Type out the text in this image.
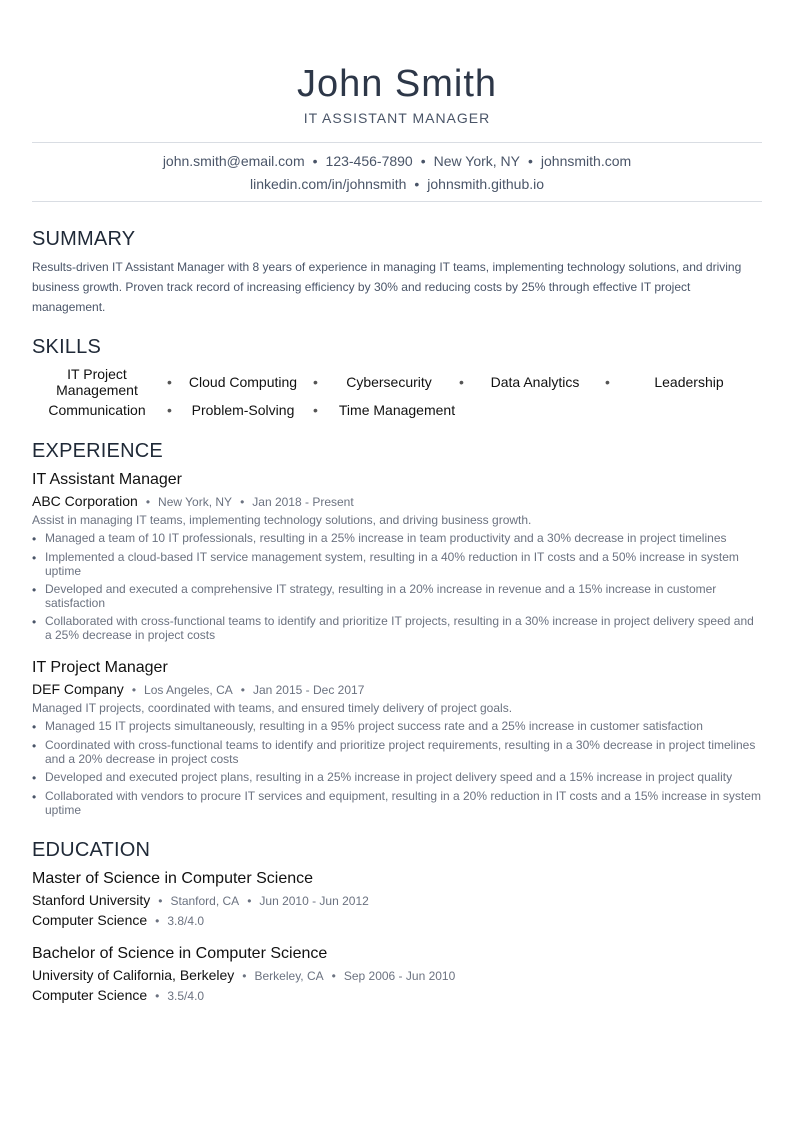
John Smith
IT ASSISTANT MANAGER
john.smith@email.com • 123-456-7890 • New York, NY • johnsmith.com
linkedin.com/in/johnsmith • johnsmith.github.io
SUMMARY
Results-driven IT Assistant Manager with 8 years of experience in managing IT teams, implementing technology solutions, and driving business growth. Proven track record of increasing efficiency by 30% and reducing costs by 25% through effective IT project management.
SKILLS
IT Project Management	•	Cloud Computing	•	Cybersecurity	•	Data Analytics	•	Leadership
Communication	•	Problem-Solving	•	Time Management
EXPERIENCE
IT Assistant Manager
ABC Corporation • New York, NY • Jan 2018 - Present
Assist in managing IT teams, implementing technology solutions, and driving business growth.
• Managed a team of 10 IT professionals, resulting in a 25% increase in team productivity and a 30% decrease in project timelines
• Implemented a cloud-based IT service management system, resulting in a 40% reduction in IT costs and a 50% increase in system uptime
• Developed and executed a comprehensive IT strategy, resulting in a 20% increase in revenue and a 15% increase in customer satisfaction
• Collaborated with cross-functional teams to identify and prioritize IT projects, resulting in a 30% increase in project delivery speed and a 25% decrease in project costs
IT Project Manager
DEF Company • Los Angeles, CA • Jan 2015 - Dec 2017
Managed IT projects, coordinated with teams, and ensured timely delivery of project goals.
• Managed 15 IT projects simultaneously, resulting in a 95% project success rate and a 25% increase in customer satisfaction
• Coordinated with cross-functional teams to identify and prioritize project requirements, resulting in a 30% decrease in project timelines and a 20% decrease in project costs
• Developed and executed project plans, resulting in a 25% increase in project delivery speed and a 15% increase in project quality
• Collaborated with vendors to procure IT services and equipment, resulting in a 20% reduction in IT costs and a 15% increase in system uptime
EDUCATION
Master of Science in Computer Science
Stanford University • Stanford, CA • Jun 2010 - Jun 2012
Computer Science • 3.8/4.0
Bachelor of Science in Computer Science
University of California, Berkeley • Berkeley, CA • Sep 2006 - Jun 2010
Computer Science • 3.5/4.0
